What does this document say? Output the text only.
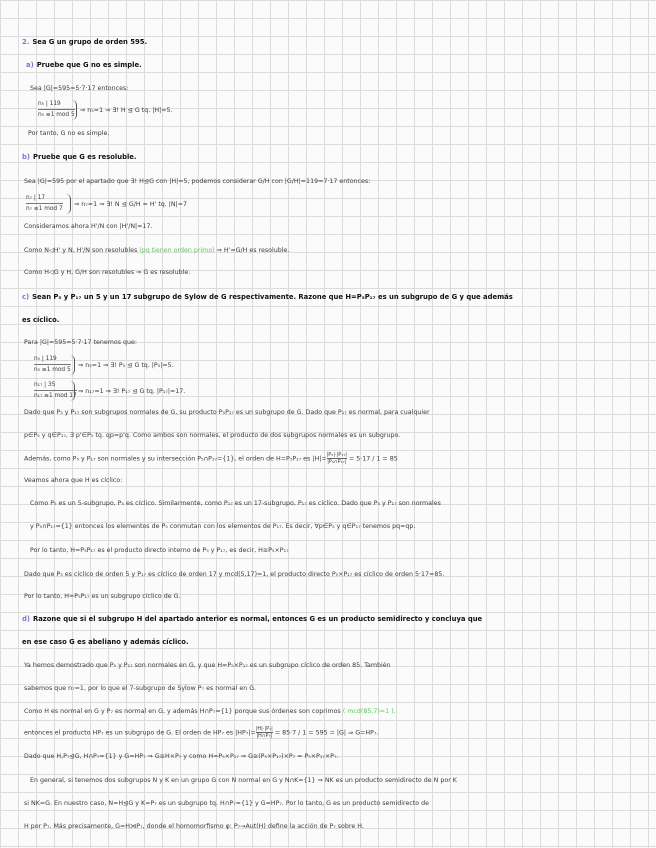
2. Sea G un grupo de orden 595.
a) Pruebe que G no es simple.
Sea |G|=595=5·7·17 entonces:
n₅ | 119
n₅ ≡1 mod 5
⇒ n₅=1 ⇒ ∃! H ⊴ G tq. |H|=5.
Por tanto, G no es simple.
b) Pruebe que G es resoluble.
Sea |G|=595 por el apartado que ∃! H⊴G con |H|=5, podemos considerar G/H con |G/H|=119=7·17 entonces:
n₇ | 17
n₇ ≡1 mod 7
⇒ n₇=1 ⇒ ∃! N ⊴ G/H = H' tq. |N|=7
Consideramos ahora H'/N con |H'/N|=17.
Como N◁H' y N, H'/N son resolubles (pq tienen orden primo) ⇒ H'=G/H es resoluble.
Como H◁G y H, G/H son resolubles ⇒ G es resoluble.
c) Sean P₅ y P₁₇ un 5 y un 17 subgrupo de Sylow de G respectivamente. Razone que H=P₅P₁₇ es un subgrupo de G y que además
es cíclico.
Para |G|=595=5·7·17 tenemos que:
n₅ | 119
n₅ ≡1 mod 5
⇒ n₅=1 ⇒ ∃! P₅ ⊴ G tq. |P₅|=5.
n₁₇ | 35
n₁₇ ≡1 mod 17
⇒ n₁₇=1 ⇒ ∃! P₁₇ ⊴ G tq. |P₁₇|=17.
Dado que P₅ y P₁₇ son subgrupos normales de G, su producto P₅P₁₇ es un subgrupo de G. Dado que P₁₇ es normal, para cualquier
p∈P₅ y q∈P₁₇, ∃ p'∈P₅ tq. qp=p'q. Como ambos son normales, el producto de dos subgrupos normales es un subgrupo.
Además, como P₅ y P₁₇ son normales y su intersección P₅∩P₁₇={1}, el orden de H=P₅P₁₇ es $|H|= \frac{\text{|P₅|·|P₁₇|}}{\text{|P₅∩P₁₇|}} = 5\cdot 17 / 1 = 85$
Veamos ahora que H es cíclico:
Como P₅ es un 5-subgrupo, P₅ es cíclico. Similarmente, como P₁₇ es un 17-subgrupo, P₁₇ es cíclico. Dado que P₅ y P₁₇ son normales
y P₅∩P₁₇={1} entonces los elementos de P₅ conmutan con los elementos de P₁₇. Es decir, ∀p∈P₅ y q∈P₁₇ tenemos pq=qp.
Por lo tanto, H=P₅P₁₇ es el producto directo interno de P₅ y P₁₇, es decir, H≅P₅×P₁₇
Dado que P₅ es cíclico de orden 5 y P₁₇ es cíclico de orden 17 y mcd(5,17)=1, el producto directo P₅×P₁₇ es cíclico de orden 5·17=85.
Por lo tanto, H=P₅P₁₇ es un subgrupo cíclico de G.
d) Razone que si el subgrupo H del apartado anterior es normal, entonces G es un producto semidirecto y concluya que
en ese caso G es abeliano y además cíclico.
Ya hemos demostrado que P₅ y P₁₇ son normales en G, y que H=P₅×P₁₇ es un subgrupo cíclico de orden 85. También
sabemos que n₇=1, por lo que el 7-subgrupo de Sylow P₇ es normal en G.
Como H es normal en G y P₇ es normal en G, y además H∩P₇={1} porque sus órdenes son coprimos ( mcd(85,7)=1 ),
entonces el producto HP₇ es un subgrupo de G. El orden de HP₇ es $|HP_7|= \frac{\text{|H|·|P₇|}}{\text{|H∩P₇|}} = 85\cdot 7 / 1 = 595 = |G|$ ⇒ G=HP₇.
Dado que H,P₇⊴G, H∩P₇={1} y G=HP₇ ⇒ G≅H×P₇ y como H=P₅×P₁₇ ⇒ G≅(P₅×P₁₇)×P₇ = P₅×P₁₇×P₇.
En general, si tenemos dos subgrupos N y K en un grupo G con N normal en G y N∩K={1} ⇒ NK es un producto semidirecto de N por K
si NK=G. En nuestro caso, N=H⊴G y K=P₇ es un subgrupo tq. H∩P₇={1} y G=HP₇. Por lo tanto, G es un producto semidirecto de
H por P₇. Más precisamente, G=H⋊P₇, donde el homomorfismo φ: P₇→Aut(H) define la acción de P₇ sobre H.
